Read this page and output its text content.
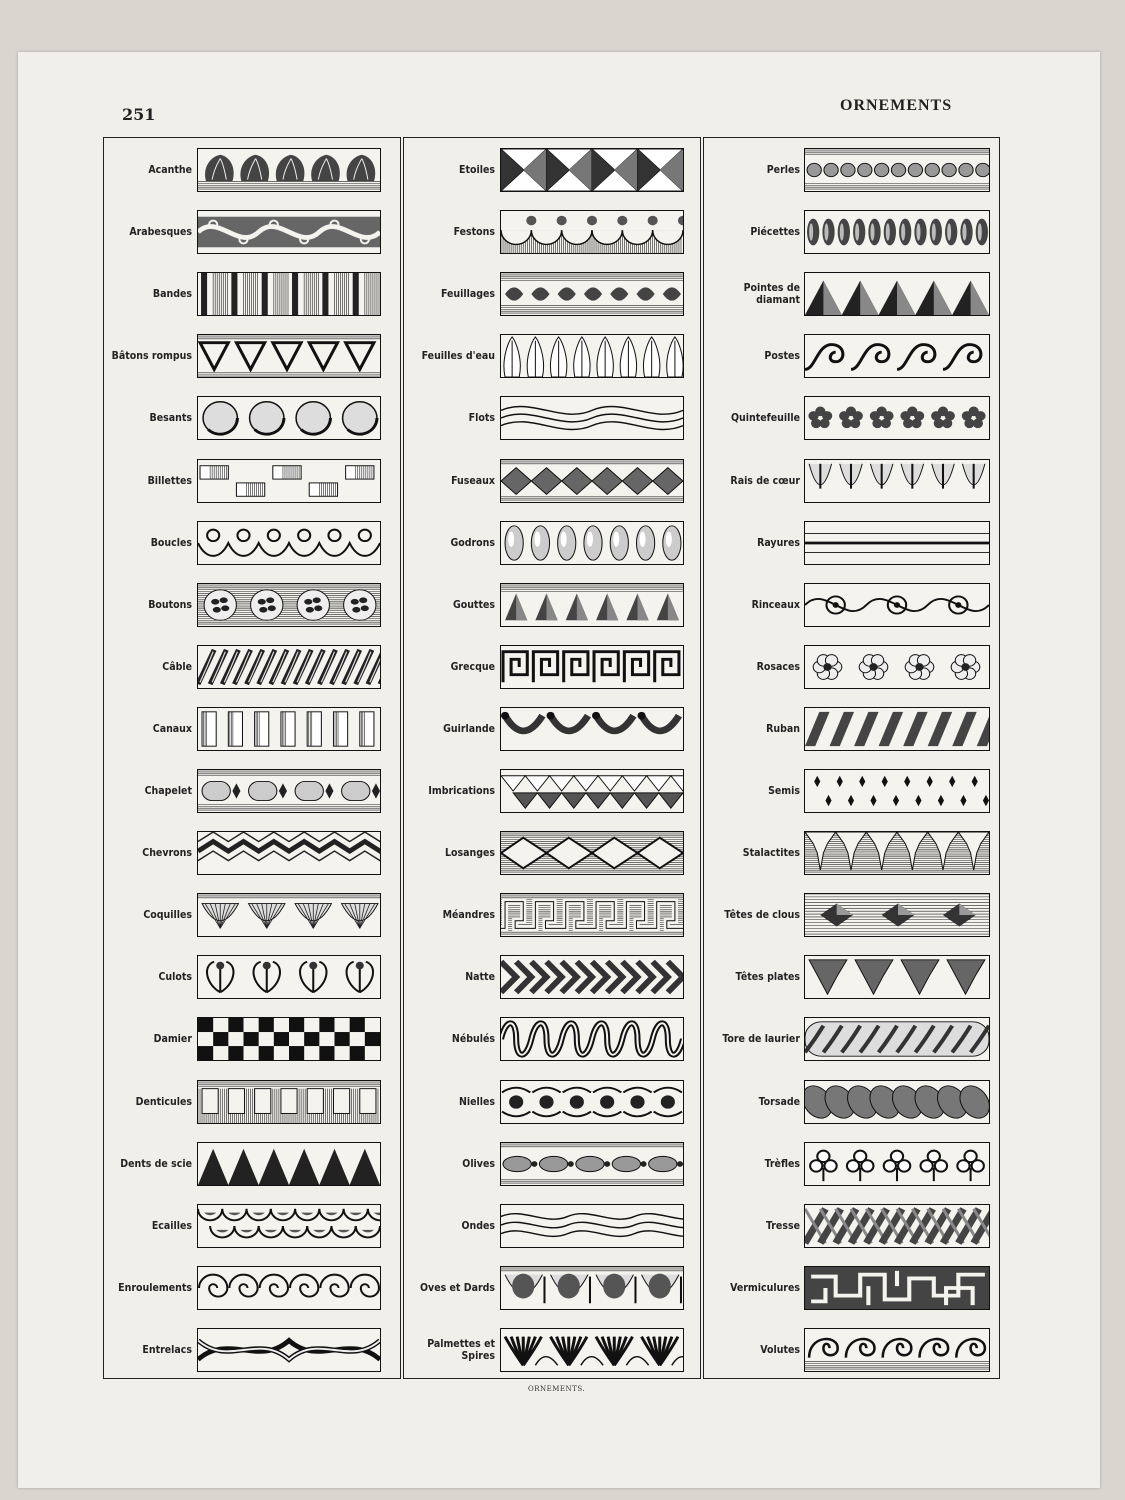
251	ORNEMENTS
Acanthe
Arabesques
Bandes
Bâtons rompus
Besants
Billettes
Boucles
Boutons
Câble
Canaux
Chapelet
Chevrons
Coquilles
Culots
Damier
Denticules
Dents de scie
Ecailles
Enroulements
Entrelacs
Etoiles
Festons
Feuillages
Feuilles d'eau
Flots
Fuseaux
Godrons
Gouttes
Grecque
Guirlande
Imbrications
Losanges
Méandres
Natte
Nébulés
Nielles
Olives
Ondes
Oves et Dards
Palmettes et Spires
Perles
Piécettes
Pointes de diamant
Postes
Quintefeuille
Rais de cœur
Rayures
Rinceaux
Rosaces
Ruban
Semis
Stalactites
Têtes de clous
Têtes plates
Tore de laurier
Torsade
Trèfles
Tresse
Vermiculures
Volutes
ORNEMENTS.
